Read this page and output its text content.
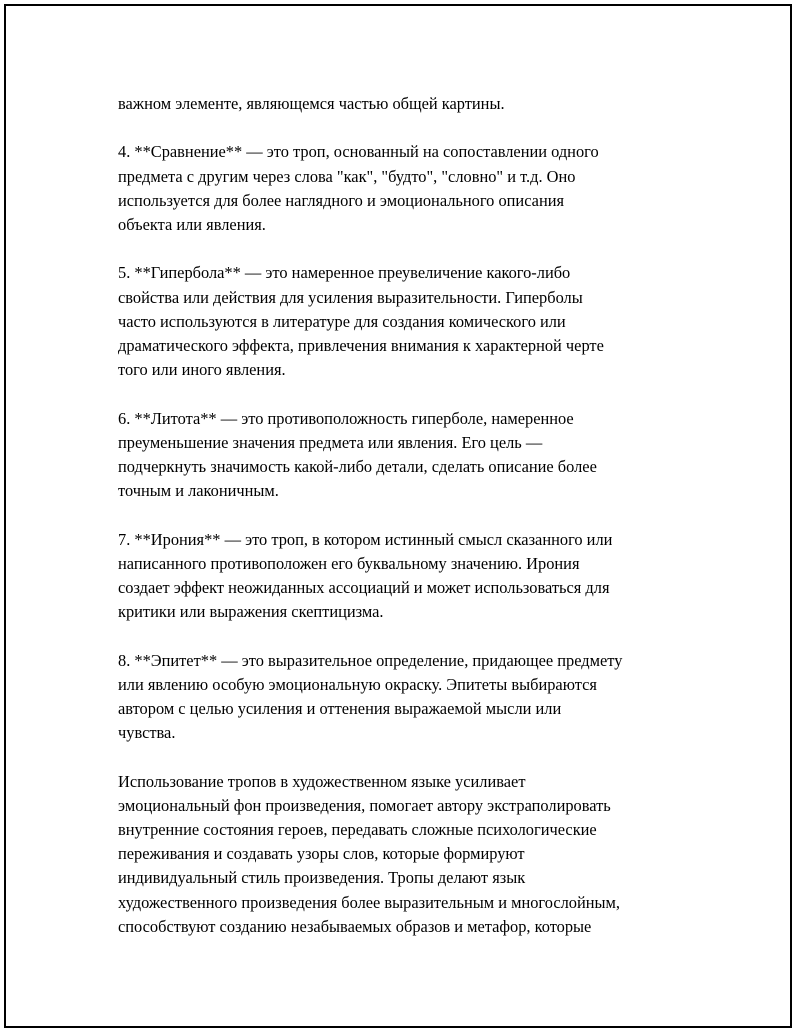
важном элементе, являющемся частью общей картины.

4. **Сравнение** — это троп, основанный на сопоставлении одного
предмета с другим через слова "как", "будто", "словно" и т.д. Оно
используется для более наглядного и эмоционального описания
объекта или явления.

5. **Гипербола** — это намеренное преувеличение какого-либо
свойства или действия для усиления выразительности. Гиперболы
часто используются в литературе для создания комического или
драматического эффекта, привлечения внимания к характерной черте
того или иного явления.

6. **Литота** — это противоположность гиперболе, намеренное
преуменьшение значения предмета или явления. Его цель —
подчеркнуть значимость какой-либо детали, сделать описание более
точным и лаконичным.

7. **Ирония** — это троп, в котором истинный смысл сказанного или
написанного противоположен его буквальному значению. Ирония
создает эффект неожиданных ассоциаций и может использоваться для
критики или выражения скептицизма.

8. **Эпитет** — это выразительное определение, придающее предмету
или явлению особую эмоциональную окраску. Эпитеты выбираются
автором с целью усиления и оттенения выражаемой мысли или
чувства.

Использование тропов в художественном языке усиливает
эмоциональный фон произведения, помогает автору экстраполировать
внутренние состояния героев, передавать сложные психологические
переживания и создавать узоры слов, которые формируют
индивидуальный стиль произведения. Тропы делают язык
художественного произведения более выразительным и многослойным,
способствуют созданию незабываемых образов и метафор, которые
